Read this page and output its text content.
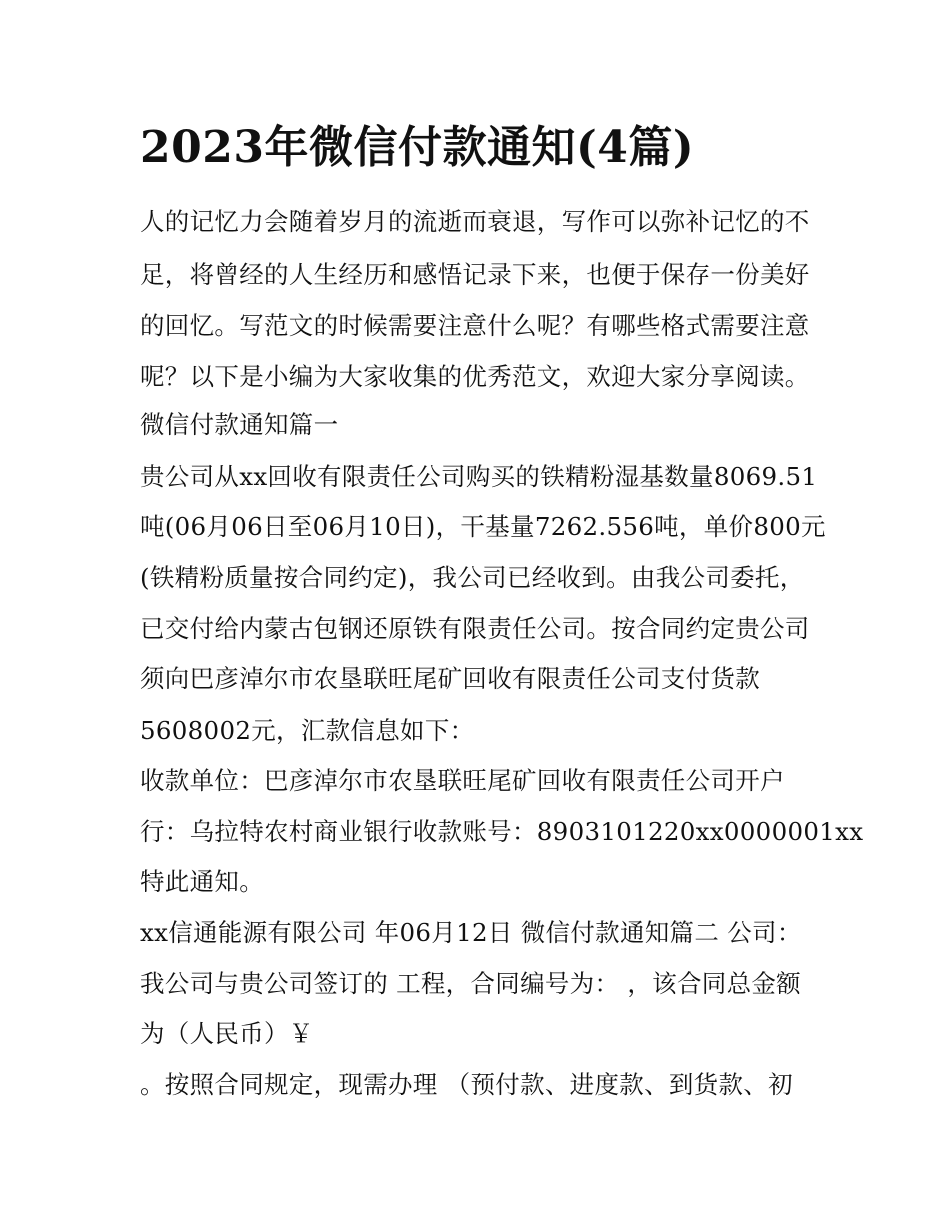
2023年微信付款通知(4篇)

人的记忆力会随着岁月的流逝而衰退，写作可以弥补记忆的不

足，将曾经的人生经历和感悟记录下来，也便于保存一份美好

的回忆。写范文的时候需要注意什么呢？有哪些格式需要注意

呢？以下是小编为大家收集的优秀范文，欢迎大家分享阅读。

微信付款通知篇一

贵公司从xx回收有限责任公司购买的铁精粉湿基数量8069.51

吨(06月06日至06月10日)，干基量7262.556吨，单价800元

(铁精粉质量按合同约定)，我公司已经收到。由我公司委托，

已交付给内蒙古包钢还原铁有限责任公司。按合同约定贵公司

须向巴彦淖尔市农垦联旺尾矿回收有限责任公司支付货款

5608002元，汇款信息如下：

收款单位：巴彦淖尔市农垦联旺尾矿回收有限责任公司开户

行：乌拉特农村商业银行收款账号：8903101220xx0000001xx

特此通知。

xx信通能源有限公司 年06月12日 微信付款通知篇二 公司：

我公司与贵公司签订的 工程，合同编号为： ，该合同总金额

为（人民币）￥

。按照合同规定，现需办理 （预付款、进度款、到货款、初
